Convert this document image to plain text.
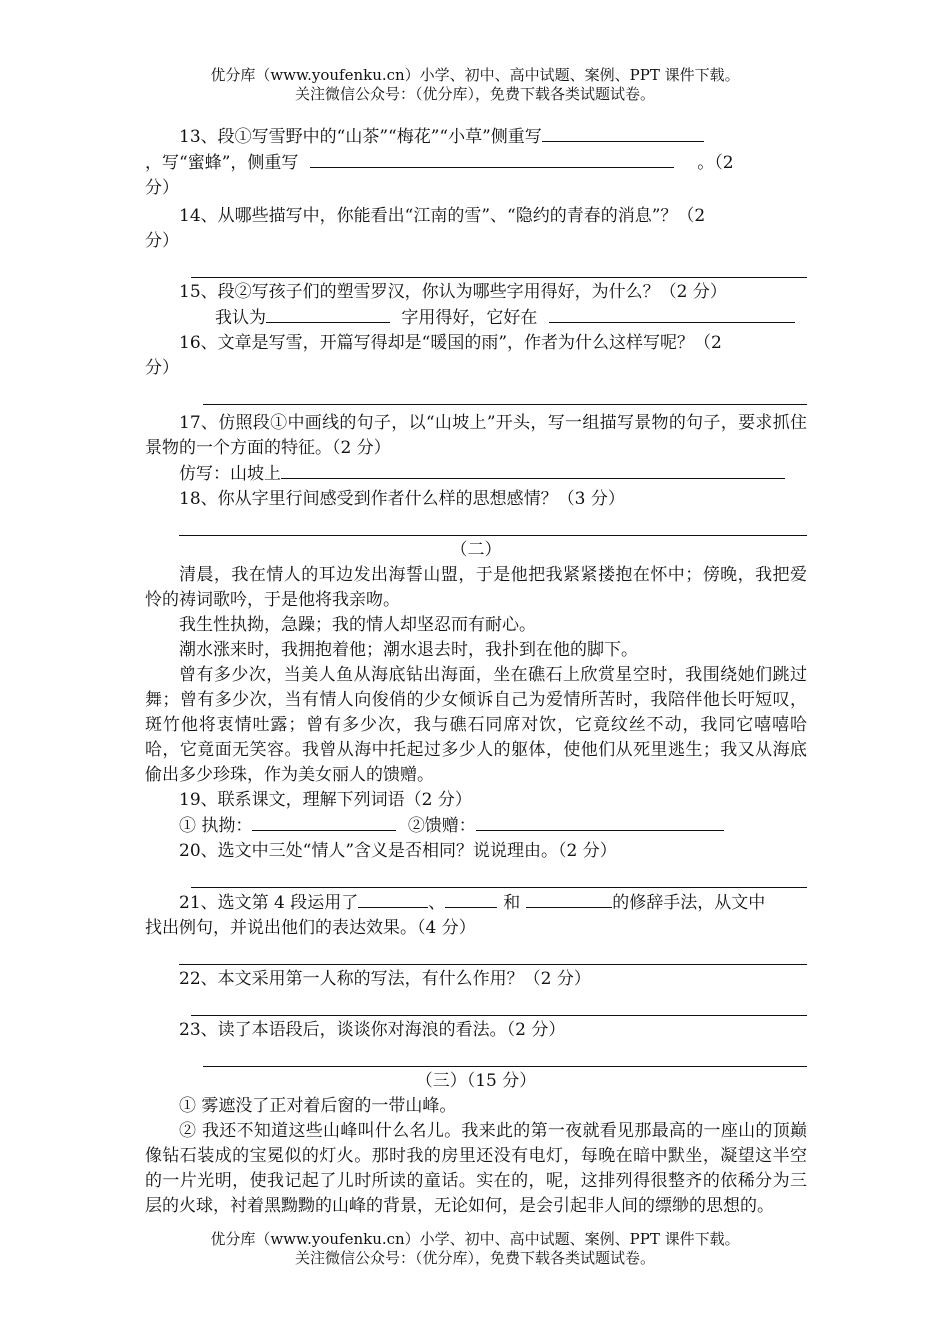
优分库（www.youfenku.cn）小学、初中、高中试题、案例、PPT 课件下载。
关注微信公众号：（优分库），免费下载各类试题试卷。
13、段①写雪野中的“山茶”“梅花”“小草”侧重写
，写“蜜蜂”，侧重写	。（2
分）
14、从哪些描写中，你能看出“江南的雪”、“隐约的青春的消息”？（2
分）
15、段②写孩子们的塑雪罗汉，你认为哪些字用得好，为什么？（2 分）
我认为	字用得好，它好在
16、文章是写雪，开篇写得却是“暖国的雨”，作者为什么这样写呢？（2
分）
17、仿照段①中画线的句子，以“山坡上”开头，写一组描写景物的句子，要求抓住景物的一个方面的特征。（2 分）
仿写：山坡上
18、你从字里行间感受到作者什么样的思想感情？（3 分）
（二）
清晨，我在情人的耳边发出海誓山盟，于是他把我紧紧搂抱在怀中；傍晚，我把爱怜的祷词歌吟，于是他将我亲吻。
我生性执拗，急躁；我的情人却坚忍而有耐心。
潮水涨来时，我拥抱着他；潮水退去时，我扑到在他的脚下。
曾有多少次，当美人鱼从海底钻出海面，坐在礁石上欣赏星空时，我围绕她们跳过舞；曾有多少次，当有情人向俊俏的少女倾诉自己为爱情所苦时，我陪伴他长吁短叹，斑竹他将衷情吐露；曾有多少次，我与礁石同席对饮，它竟纹丝不动，我同它嘻嘻哈哈，它竟面无笑容。我曾从海中托起过多少人的躯体，使他们从死里逃生；我又从海底偷出多少珍珠，作为美女丽人的馈赠。
19、联系课文，理解下列词语（2 分）
① 执拗：	②馈赠：
20、选文中三处“情人”含义是否相同？说说理由。（2 分）
21、选文第 4 段运用了	、	和	的修辞手法，从文中
找出例句，并说出他们的表达效果。（4 分）
22、本文采用第一人称的写法，有什么作用？（2 分）
23、读了本语段后，谈谈你对海浪的看法。（2 分）
（三）（15 分）
① 雾遮没了正对着后窗的一带山峰。
② 我还不知道这些山峰叫什么名儿。我来此的第一夜就看见那最高的一座山的顶巅像钻石装成的宝冕似的灯火。那时我的房里还没有电灯，每晚在暗中默坐，凝望这半空的一片光明，使我记起了儿时所读的童话。实在的，呢，这排列得很整齐的依稀分为三层的火球，衬着黑黝黝的山峰的背景，无论如何，是会引起非人间的缥缈的思想的。
优分库（www.youfenku.cn）小学、初中、高中试题、案例、PPT 课件下载。
关注微信公众号：（优分库），免费下载各类试题试卷。
